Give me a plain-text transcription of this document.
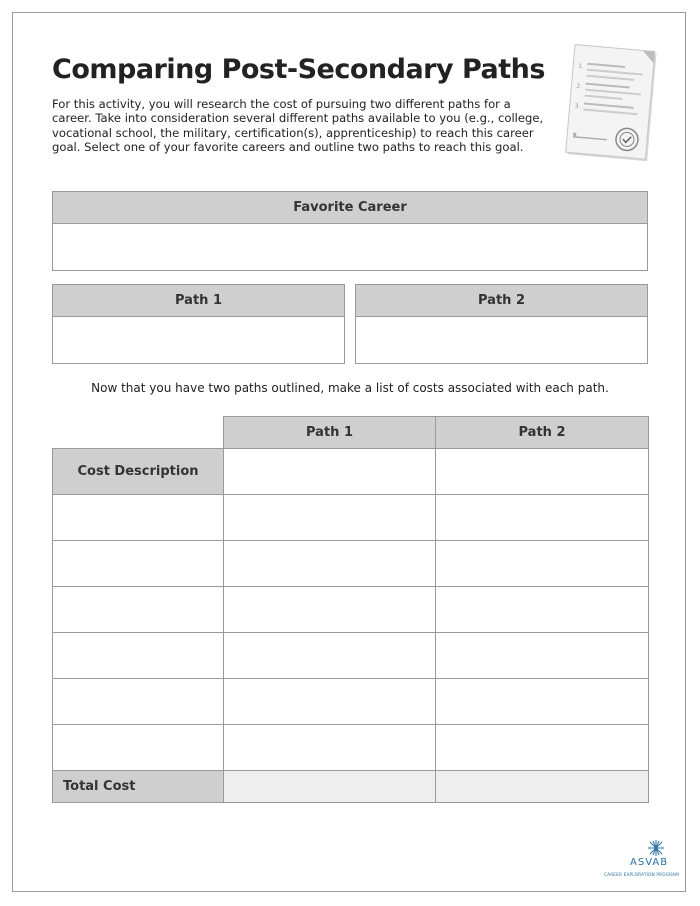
Comparing Post-Secondary Paths

For this activity, you will research the cost of pursuing two different paths for a career. Take into consideration several different paths available to you (e.g., college, vocational school, the military, certification(s), apprenticeship) to reach this career goal. Select one of your favorite careers and outline two paths to reach this goal.

1.
2.
3.
Favorite Career
Path 1	Path 2

Now that you have two paths outlined, make a list of costs associated with each path.

	Path 1	Path 2
Cost Description		

Total Cost		
ASVAB
CAREER EXPLORATION PROGRAM
